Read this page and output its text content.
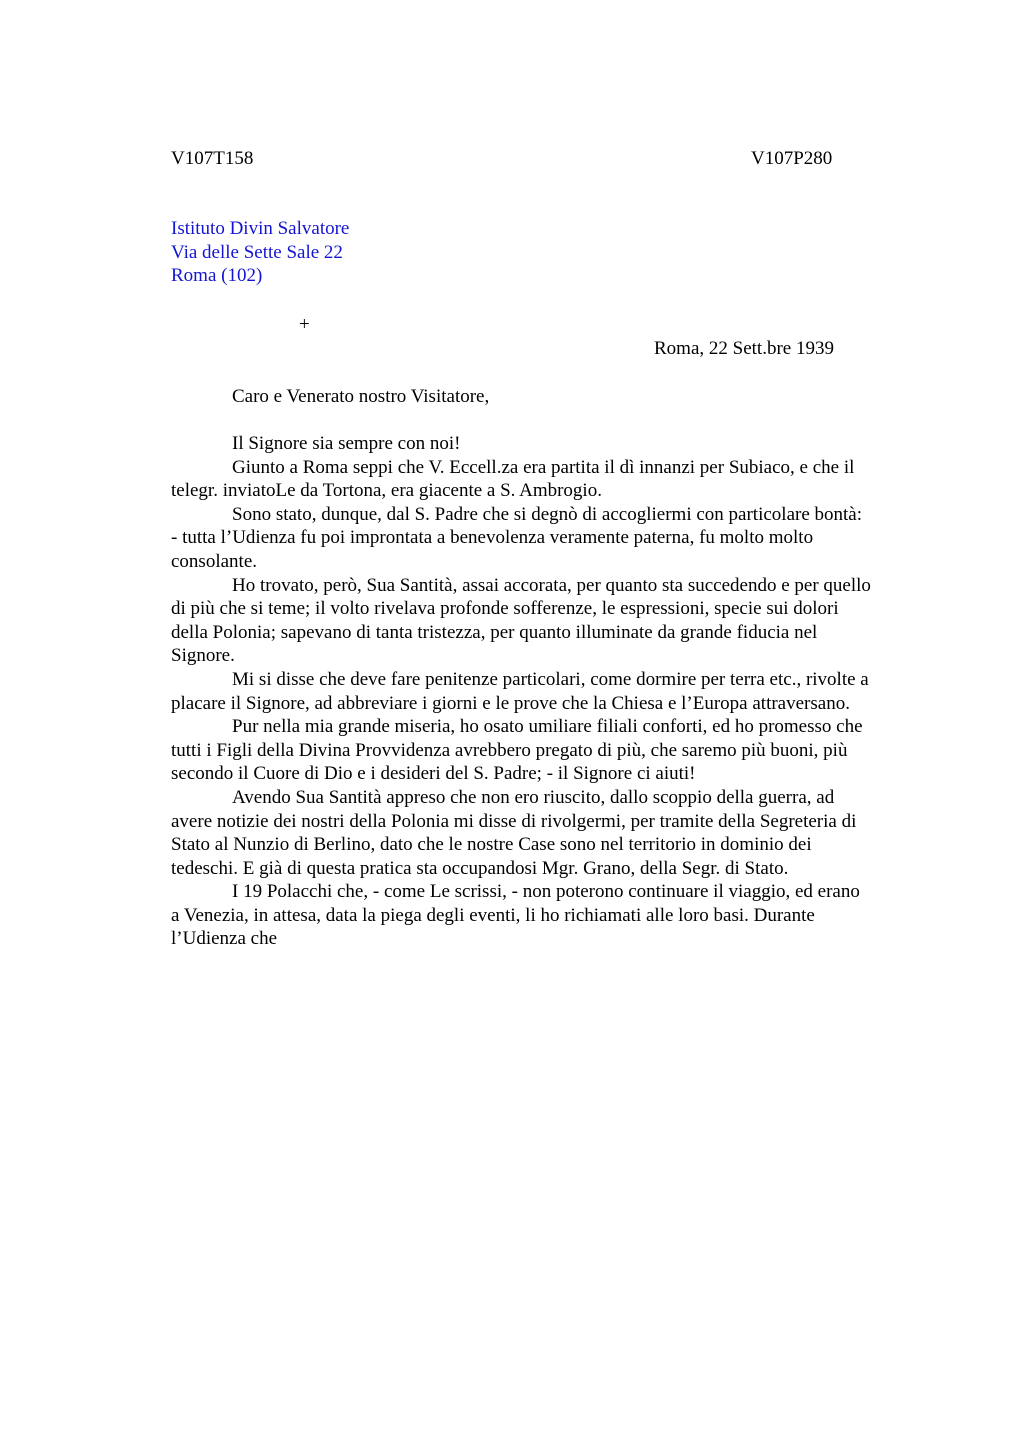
V107T158	V107P280
Istituto Divin Salvatore
Via delle Sette Sale 22
Roma (102)
+
Roma, 22 Sett.bre 1939
Caro e Venerato nostro Visitatore,

Il Signore sia sempre con noi!

Giunto a Roma seppi che V. Eccell.za era partita il dì innanzi per Subiaco, e che il
telegr. inviatoLe da Tortona, era giacente a S. Ambrogio.

Sono stato, dunque, dal S. Padre che si degnò di accogliermi con particolare bontà:
- tutta l’Udienza fu poi improntata a benevolenza veramente paterna, fu molto molto
consolante.

Ho trovato, però, Sua Santità, assai accorata, per quanto sta succedendo e per quello
di più che si teme; il volto rivelava profonde sofferenze, le espressioni, specie sui dolori
della Polonia; sapevano di tanta tristezza, per quanto illuminate da grande fiducia nel
Signore.

Mi si disse che deve fare penitenze particolari, come dormire per terra etc., rivolte a
placare il Signore, ad abbreviare i giorni e le prove che la Chiesa e l’Europa attraversano.

Pur nella mia grande miseria, ho osato umiliare filiali conforti, ed ho promesso che
tutti i Figli della Divina Provvidenza avrebbero pregato di più, che saremo più buoni, più
secondo il Cuore di Dio e i desideri del S. Padre; - il Signore ci aiuti!

Avendo Sua Santità appreso che non ero riuscito, dallo scoppio della guerra, ad
avere notizie dei nostri della Polonia mi disse di rivolgermi, per tramite della Segreteria di
Stato al Nunzio di Berlino, dato che le nostre Case sono nel territorio in dominio dei
tedeschi. E già di questa pratica sta occupandosi Mgr. Grano, della Segr. di Stato.

I 19 Polacchi che, - come Le scrissi, - non poterono continuare il viaggio, ed erano
a Venezia, in attesa, data la piega degli eventi, li ho richiamati alle loro basi. Durante
l’Udienza che
